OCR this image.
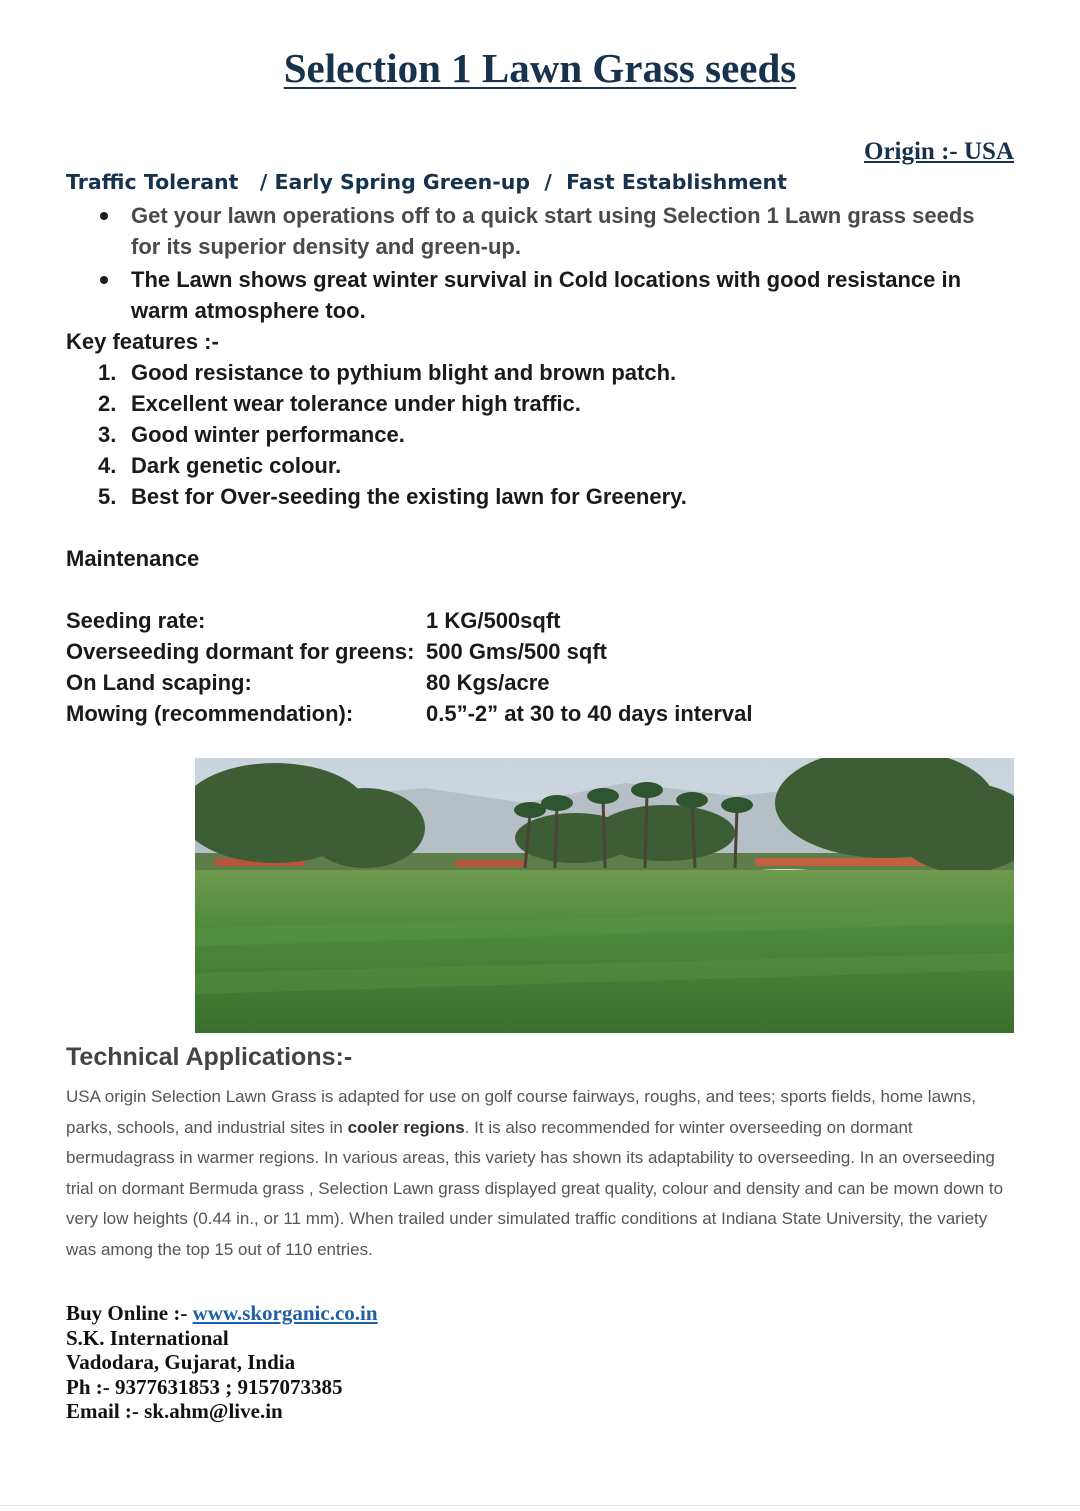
Selection 1 Lawn Grass seeds
Origin :- USA
Traffic Tolerant   / Early Spring Green-up  /  Fast Establishment
Get your lawn operations off to a quick start using Selection 1 Lawn grass seeds for its superior density and green-up.
The Lawn shows great winter survival in Cold locations with good resistance in warm atmosphere too.
Key features :-
1. Good resistance to pythium blight and brown patch.
2. Excellent wear tolerance under high traffic.
3. Good winter performance.
4. Dark genetic colour.
5. Best for Over-seeding the existing lawn for Greenery.
Maintenance
Seeding rate:	1 KG/500sqft
Overseeding dormant for greens: 500 Gms/500 sqft
On Land scaping:	80 Kgs/acre
Mowing (recommendation):	0.5”-2” at 30 to 40 days interval
Technical Applications:-

USA origin Selection Lawn Grass is adapted for use on golf course fairways, roughs, and tees; sports fields, home lawns, parks, schools, and industrial sites in cooler regions. It is also recommended for winter overseeding on dormant bermudagrass in warmer regions. In various areas, this variety has shown its adaptability to overseeding. In an overseeding trial on dormant Bermuda grass , Selection Lawn grass displayed great quality, colour and density and can be mown down to very low heights (0.44 in., or 11 mm). When trailed under simulated traffic conditions at Indiana State University, the variety was among the top 15 out of 110 entries.

Buy Online :- www.skorganic.co.in
S.K. International
Vadodara, Gujarat, India
Ph :- 9377631853 ; 9157073385
Email :- sk.ahm@live.in
